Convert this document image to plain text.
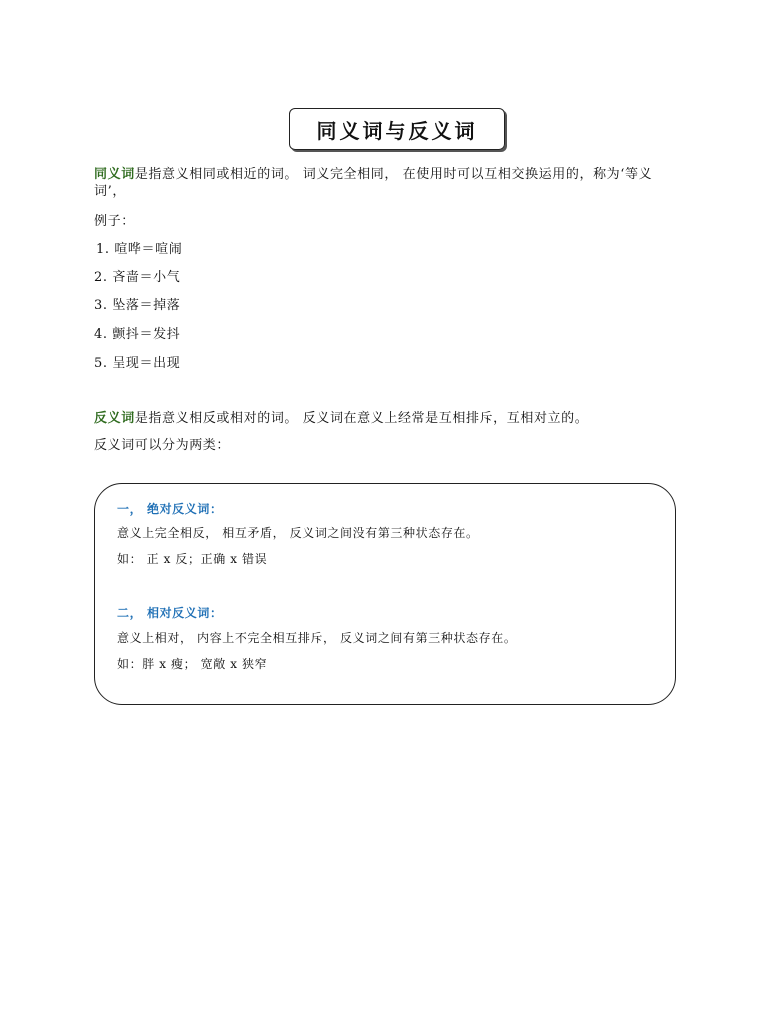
同义词与反义词
同义词是指意义相同或相近的词。 词义完全相同， 在使用时可以互相交换运用的，称为‘等义词’，
例子：
1. 喧哗＝喧闹
2. 吝啬＝小气
3. 坠落＝掉落
4. 颤抖＝发抖
5. 呈现＝出现
反义词是指意义相反或相对的词。 反义词在意义上经常是互相排斥，互相对立的。
反义词可以分为两类：
一， 绝对反义词：
意义上完全相反， 相互矛盾， 反义词之间没有第三种状态存在。
如： 正 x 反；正确 x 错误
二， 相对反义词：
意义上相对， 内容上不完全相互排斥， 反义词之间有第三种状态存在。
如：胖 x 瘦； 宽敞 x 狭窄
